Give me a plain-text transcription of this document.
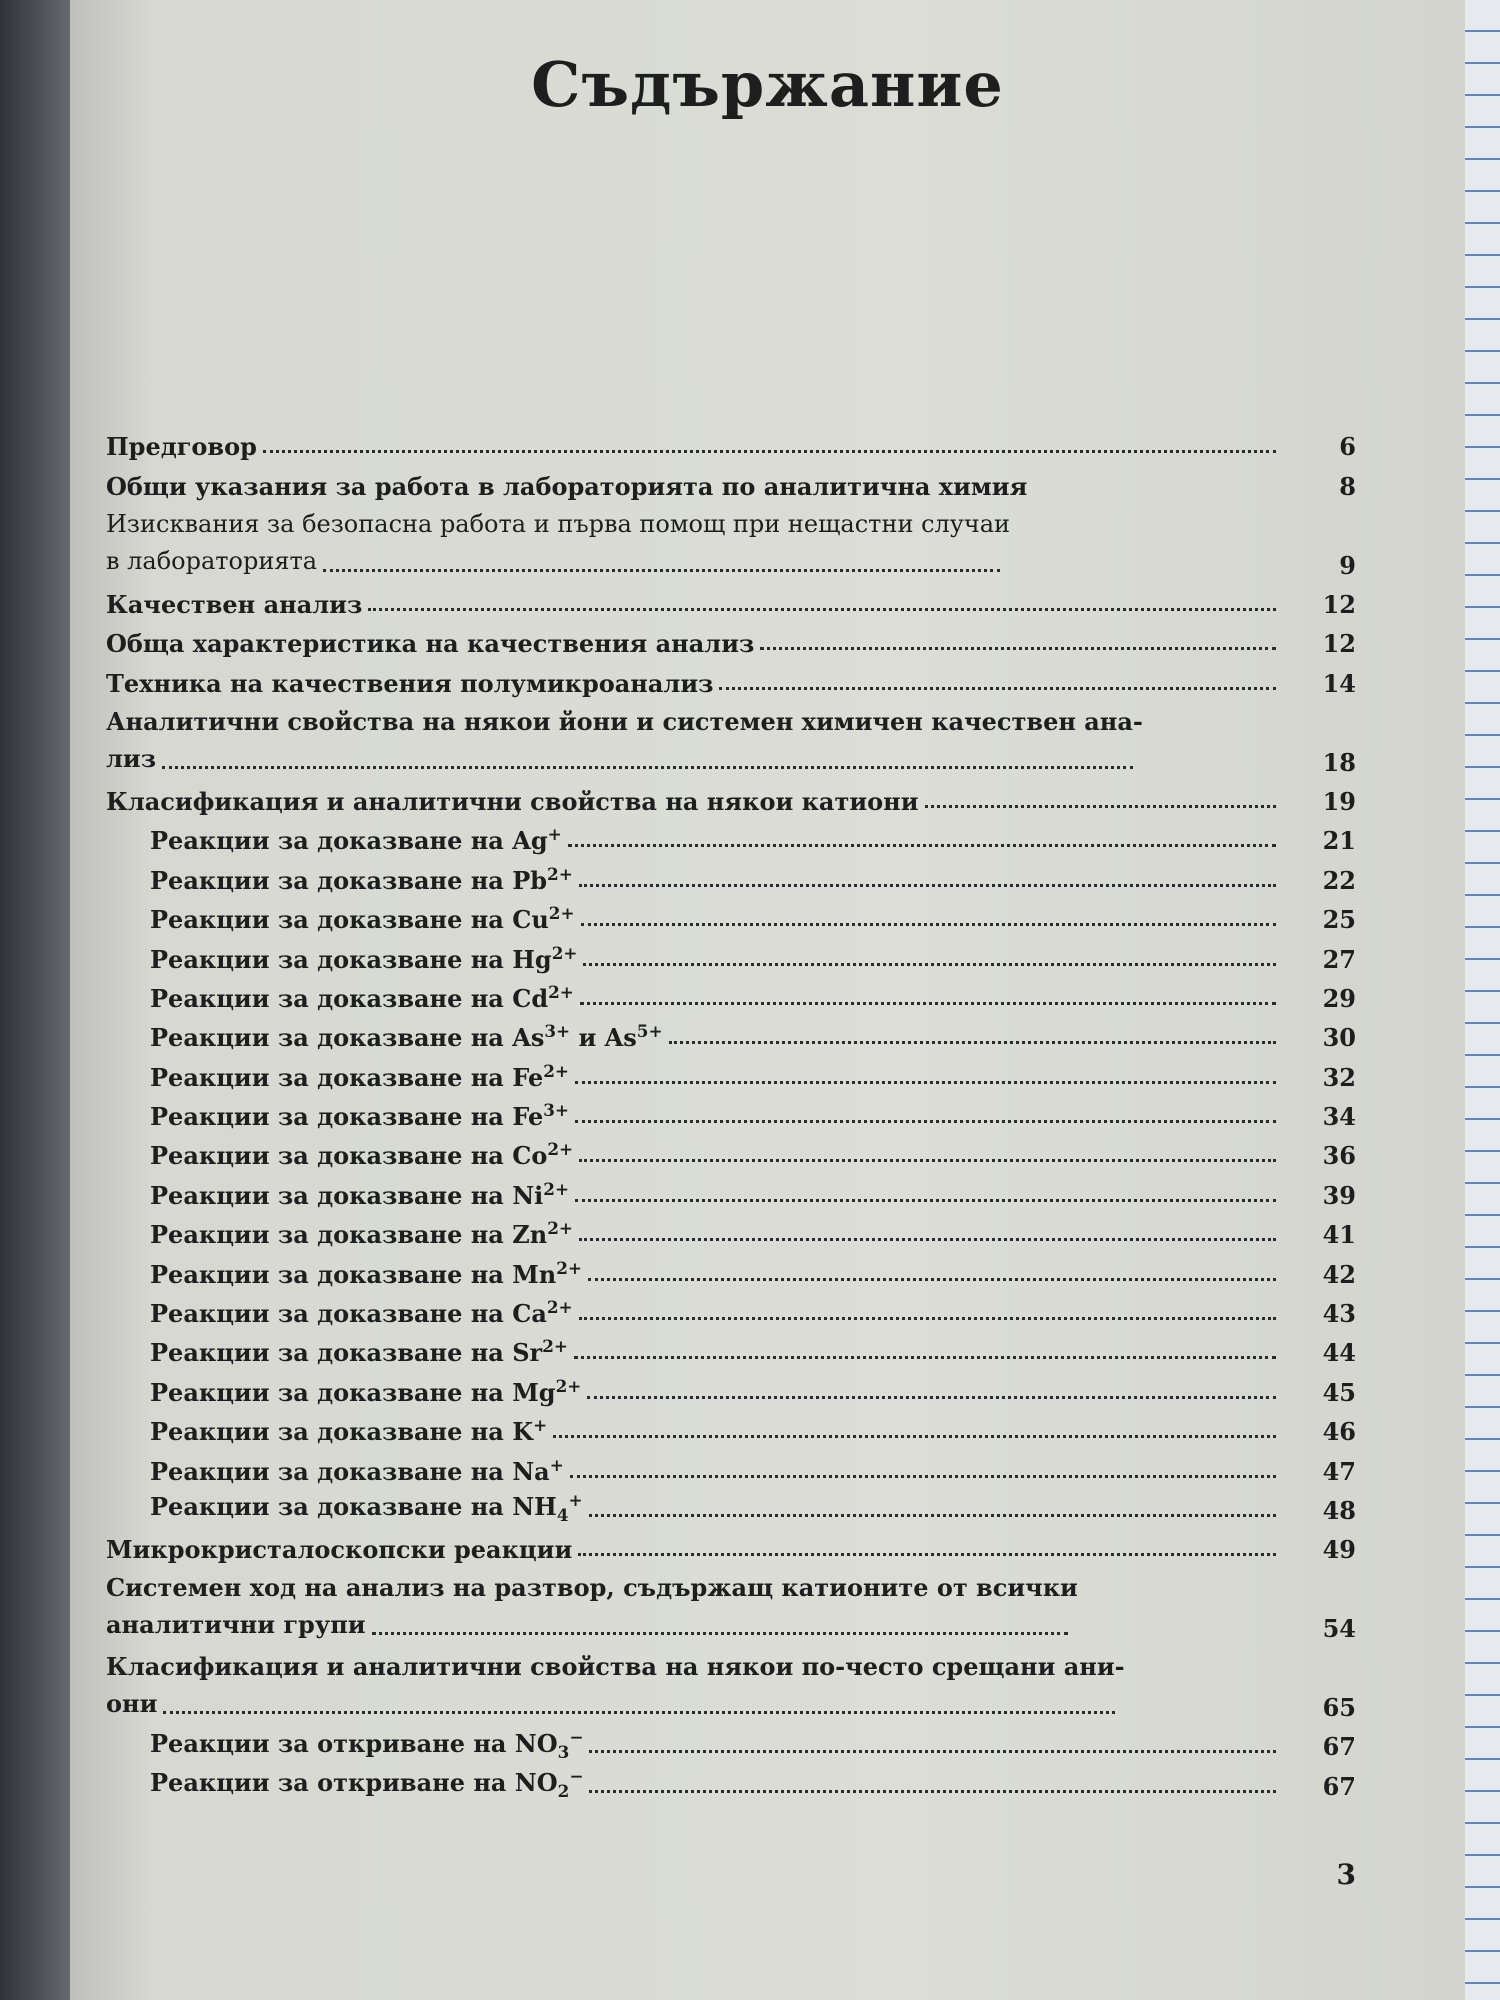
Съдържание
Предговор	6
Общи указания за работа в лабораторията по аналитична химия	8
Изисквания за безопасна работа и първа помощ при нещастни случаи

в лабораторията	9
Качествен анализ	12
Обща характеристика на качествения анализ	12
Техника на качествения полумикроанализ	14
Аналитични свойства на някои йони и системен химичен качествен ана-

лиз	18
Класификация и аналитични свойства на някои катиони	19
Реакции за доказване на Ag+	21
Реакции за доказване на $Pb^{2+}$	22
Реакции за доказване на $Cu^{2+}$	25
Реакции за доказване на $Hg^{2+}$	27
Реакции за доказване на $Cd^{2+}$	29
Реакции за доказване на $As^{3+}$ и $As^{5+}$	30
Реакции за доказване на $Fe^{2+}$	32
Реакции за доказване на $Fe^{3+}$	34
Реакции за доказване на $Co^{2+}$	36
Реакции за доказване на $Ni^{2+}$	39
Реакции за доказване на $Zn^{2+}$	41
Реакции за доказване на $Mn^{2+}$	42
Реакции за доказване на $Ca^{2+}$	43
Реакции за доказване на $Sr^{2+}$	44
Реакции за доказване на $Mg^{2+}$	45
Реакции за доказване на K+	46
Реакции за доказване на Na+	47
Реакции за доказване на $NH_4^+$	48
Микрокристалоскопски реакции	49
Системен ход на анализ на разтвор, съдържащ катионите от всички

аналитични групи	54
Класификация и аналитични свойства на някои по-често срещани ани-

они	65
Реакции за откриване на $NO_3^-$	67
Реакции за откриване на $NO_2^-$	67
3
